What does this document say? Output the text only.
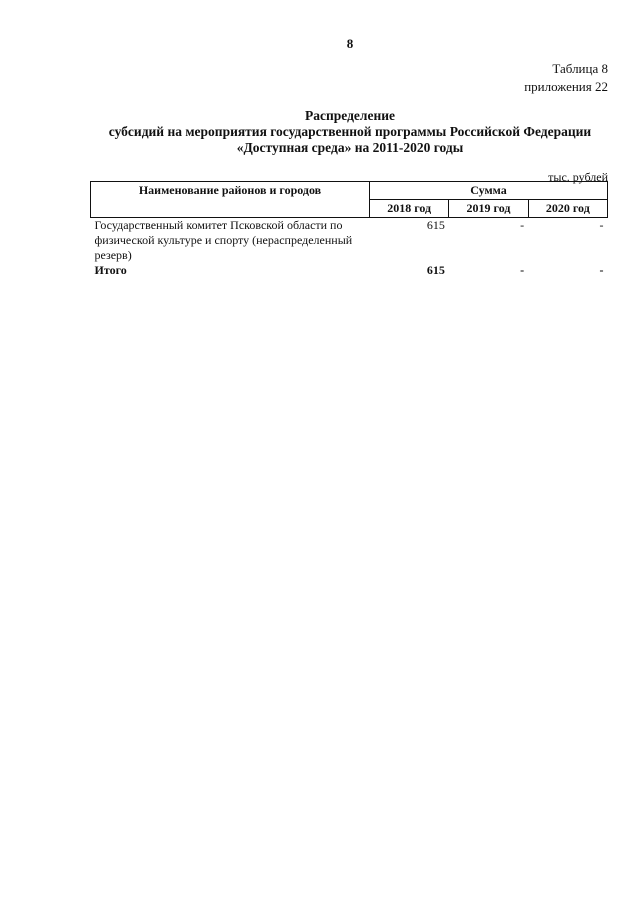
8
Таблица 8
приложения 22
Распределение
субсидий на мероприятия государственной программы Российской Федерации
«Доступная среда» на 2011-2020 годы
тыс. рублей
Наименование районов и городов	Сумма		
	2018 год	2019 год	2020 год
Государственный комитет Псковской области по физической культуре и спорту (нераспределенный резерв)	615	-	-
Итого	615	-	-
